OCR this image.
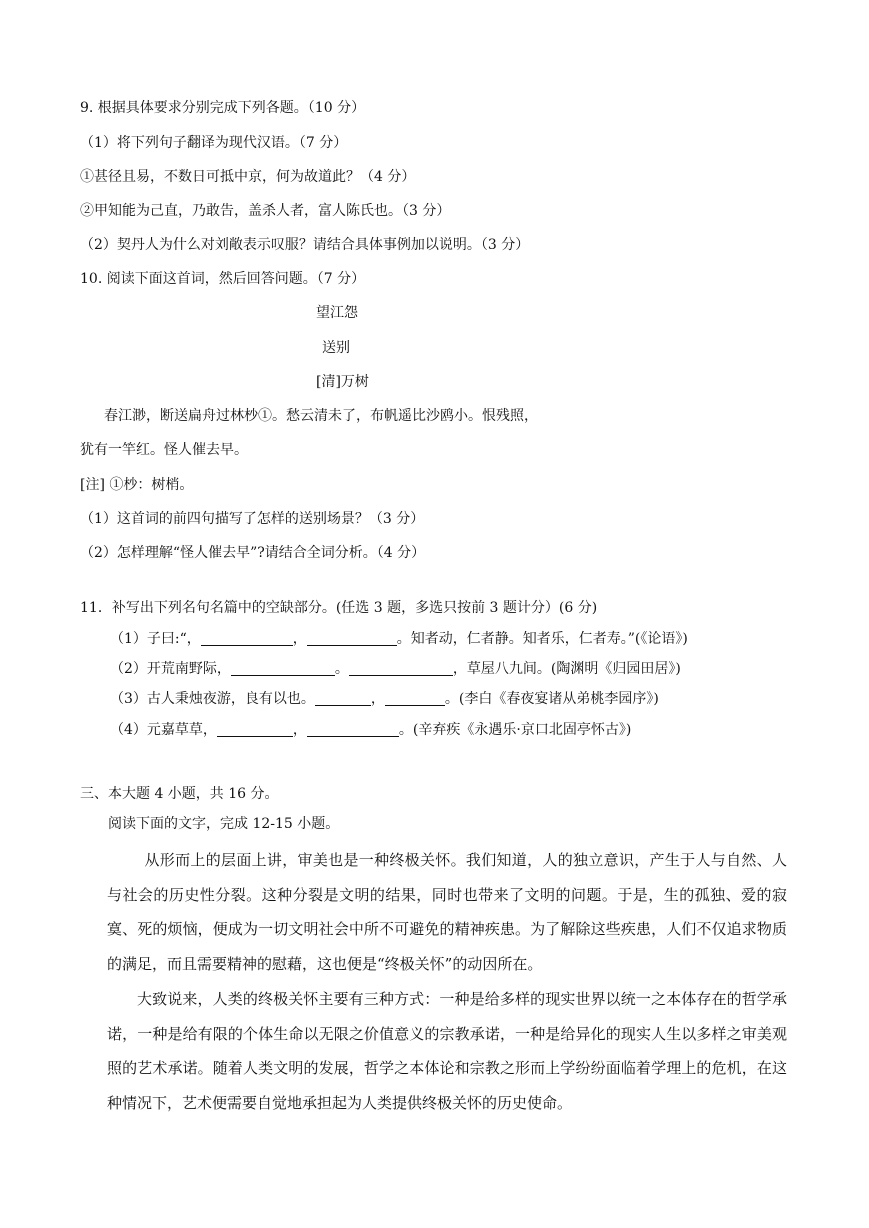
9. 根据具体要求分别完成下列各题。（10 分）
（1）将下列句子翻译为现代汉语。（7 分）
①甚径且易，不数日可抵中京，何为故道此？（4 分）
②甲知能为己直，乃敢告，盖杀人者，富人陈氏也。（3 分）
（2）契丹人为什么对刘敞表示叹服？请结合具体事例加以说明。（3 分）
10. 阅读下面这首词，然后回答问题。（7 分）
望江怨
送别
[清]万树
春江渺，断送扁舟过林杪①。愁云清未了，布帆遥比沙鸥小。恨残照，
犹有一竿红。怪人催去早。
[注] ①杪：树梢。
（1）这首词的前四句描写了怎样的送别场景？（3 分）
（2）怎样理解“怪人催去早”?请结合全词分析。（4 分）
11．补写出下列名句名篇中的空缺部分。(任选 3 题，多选只按前 3 题计分）(6 分)
（1）子曰:“，	，	。知者动，仁者静。知者乐，仁者寿。”(《论语》)
（2）开荒南野际，	。	，草屋八九间。(陶渊明《归园田居》)
（3）古人秉烛夜游，良有以也。	，	。(李白《春夜宴诸从弟桃李园序》)
（4）元嘉草草，	，	。(辛弃疾《永遇乐·京口北固亭怀古》)
三、本大题 4 小题，共 16 分。
阅读下面的文字，完成 12-15 小题。
从形而上的层面上讲，审美也是一种终极关怀。我们知道，人的独立意识，产生于人与自然、人与社会的历史性分裂。这种分裂是文明的结果，同时也带来了文明的问题。于是，生的孤独、爱的寂寞、死的烦恼，便成为一切文明社会中所不可避免的精神疾患。为了解除这些疾患，人们不仅追求物质的满足，而且需要精神的慰藉，这也便是“终极关怀”的动因所在。
大致说来，人类的终极关怀主要有三种方式：一种是给多样的现实世界以统一之本体存在的哲学承诺，一种是给有限的个体生命以无限之价值意义的宗教承诺，一种是给异化的现实人生以多样之审美观照的艺术承诺。随着人类文明的发展，哲学之本体论和宗教之形而上学纷纷面临着学理上的危机，在这种情况下，艺术便需要自觉地承担起为人类提供终极关怀的历史使命。
